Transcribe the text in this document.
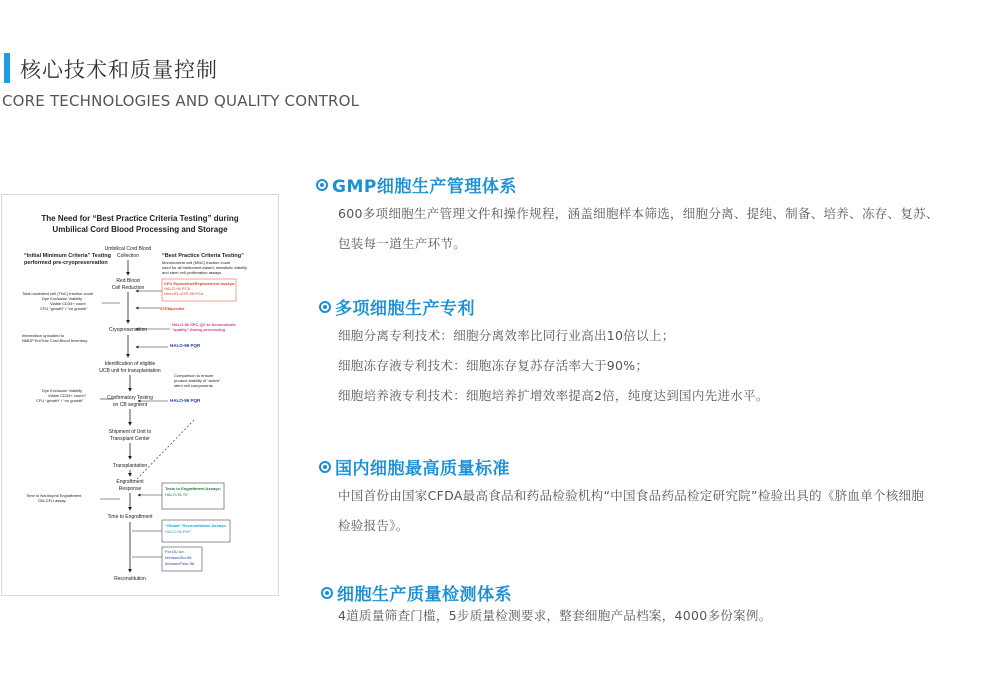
核心技术和质量控制
CORE TECHNOLOGIES AND QUALITY CONTROL
The Need for “Best Practice Criteria Testing” during
Umbilical Cord Blood Processing and Storage
“Initial Minimum Criteria” Testing
performed pre-cryopreservation
“Best Practice Criteria Testing”
Mononuclear cell (MNC) fraction count
used for all instrument-based, metabolic viability
and stem cell proliferation assays
Umbilical Cord Blood
Collection
Red Blood
Cell Reduction
Cryopreservation
Identification of eligible
UCB unit for transplantation
Confirmatory Testing
on CB segment
Shipment of Unit to
Transplant Center
Transplantation
Engraftment
Response
Time to Engraftment
Reconstitution
Total nucleated cell (TNC) fraction count
Dye Exclusion Viability
Viable CD34+ count
CFU “growth” / “no growth”
Information uploaded to
NMDP EmTrax Cord Blood Inventory
Dye Exclusion Viability
Viable CD34+ count?
CFU “growth” / “no growth”
Time to Neutrophil Engraftment
GM-CFU assay
CFU Equivalent/Replacement assays:
HALO-96 PCA
HemoFLUOR-96 PCA
STEMpredict
HALO-96 SPC-QC to demonstrate
“quality” during processing
HALO-96 PQR
HALO-96 PQR
Comparison to ensure
product stability of “active”
stem cell components
Tests to Engraftment Assays:
HALO-96 TE
“Global” Reconstitution Assays:
HALO-96 PMT
For DU on:
ImmunoGlo-96
ImmunoFluor-96
GMP细胞生产管理体系
600多项细胞生产管理文件和操作规程，涵盖细胞样本筛选，细胞分离、提纯、制备、培养、冻存、复苏、
包装每一道生产环节。
多项细胞生产专利
细胞分离专利技术：细胞分离效率比同行业高出10倍以上；
细胞冻存液专利技术：细胞冻存复苏存活率大于90%；
细胞培养液专利技术：细胞培养扩增效率提高2倍，纯度达到国内先进水平。
国内细胞最高质量标准
中国首份由国家CFDA最高食品和药品检验机构“中国食品药品检定研究院”检验出具的《脐血单个核细胞
检验报告》。
细胞生产质量检测体系
4道质量筛查门槛，5步质量检测要求，整套细胞产品档案，4000多份案例。
